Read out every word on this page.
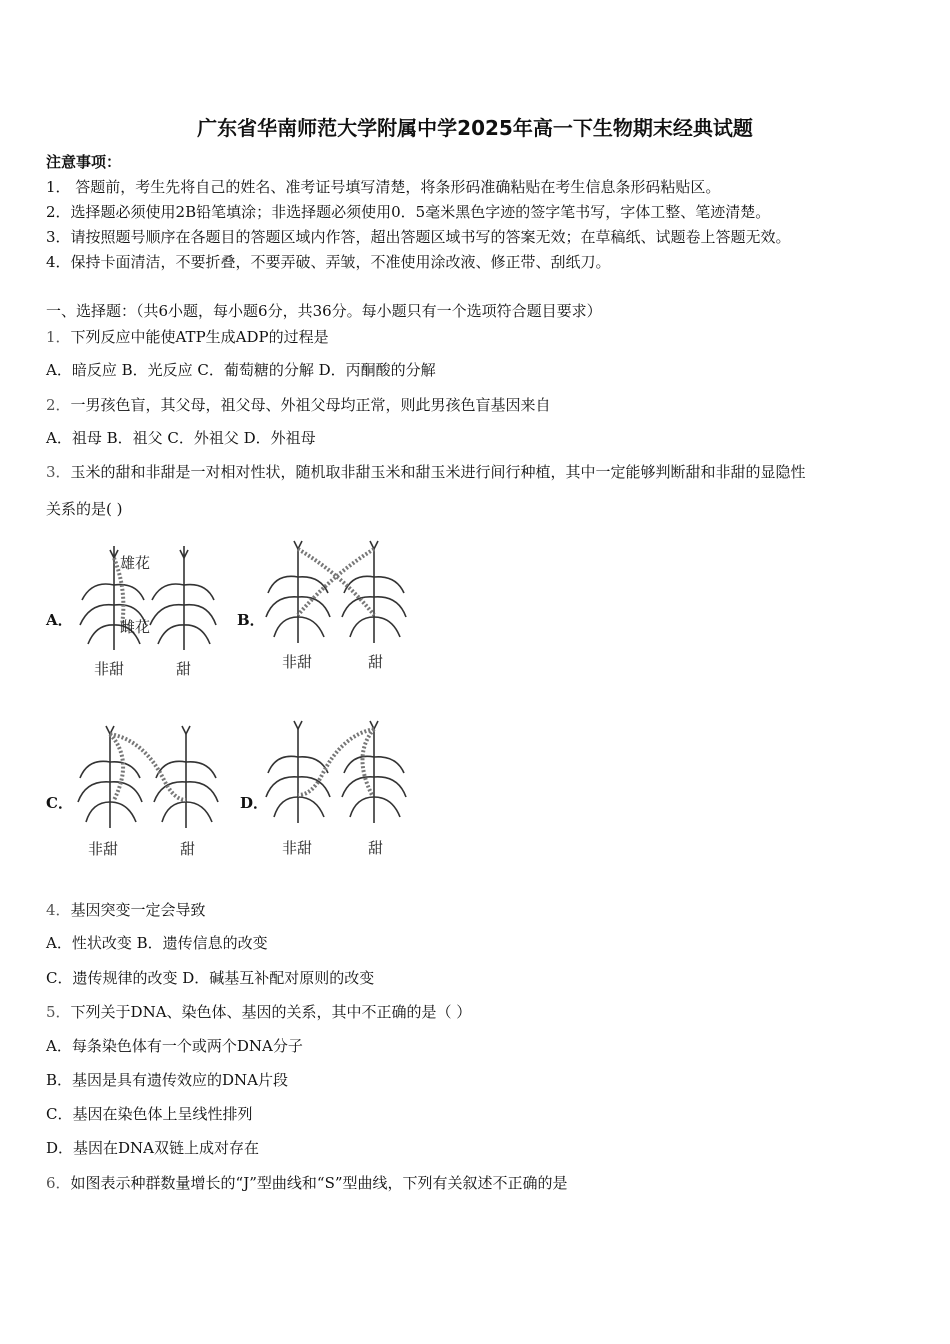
广东省华南师范大学附属中学2025年高一下生物期末经典试题
注意事项：
1． 答题前，考生先将自己的姓名、准考证号填写清楚，将条形码准确粘贴在考生信息条形码粘贴区。
2．选择题必须使用2B铅笔填涂；非选择题必须使用0．5毫米黑色字迹的签字笔书写，字体工整、笔迹清楚。
3．请按照题号顺序在各题目的答题区域内作答，超出答题区域书写的答案无效；在草稿纸、试题卷上答题无效。
4．保持卡面清洁，不要折叠，不要弄破、弄皱，不准使用涂改液、修正带、刮纸刀。
一、选择题：（共6小题，每小题6分，共36分。每小题只有一个选项符合题目要求）
1．下列反应中能使ATP生成ADP的过程是
A．暗反应 B．光反应 C．葡萄糖的分解 D．丙酮酸的分解
2．一男孩色盲，其父母，祖父母、外祖父母均正常，则此男孩色盲基因来自
A．祖母 B．祖父 C．外祖父 D．外祖母
3．玉米的甜和非甜是一对相对性状，随机取非甜玉米和甜玉米进行间行种植，其中一定能够判断甜和非甜的显隐性
关系的是( )
A．	B．
C．	D．
雄花
雌花
非甜	甜	非甜	甜
非甜	甜	非甜	甜
4．基因突变一定会导致
A．性状改变 B．遗传信息的改变
C．遗传规律的改变 D．碱基互补配对原则的改变
5．下列关于DNA、染色体、基因的关系，其中不正确的是（ ）
A．每条染色体有一个或两个DNA分子
B．基因是具有遗传效应的DNA片段
C．基因在染色体上呈线性排列
D．基因在DNA双链上成对存在
6．如图表示种群数量增长的“J”型曲线和“S”型曲线，下列有关叙述不正确的是
